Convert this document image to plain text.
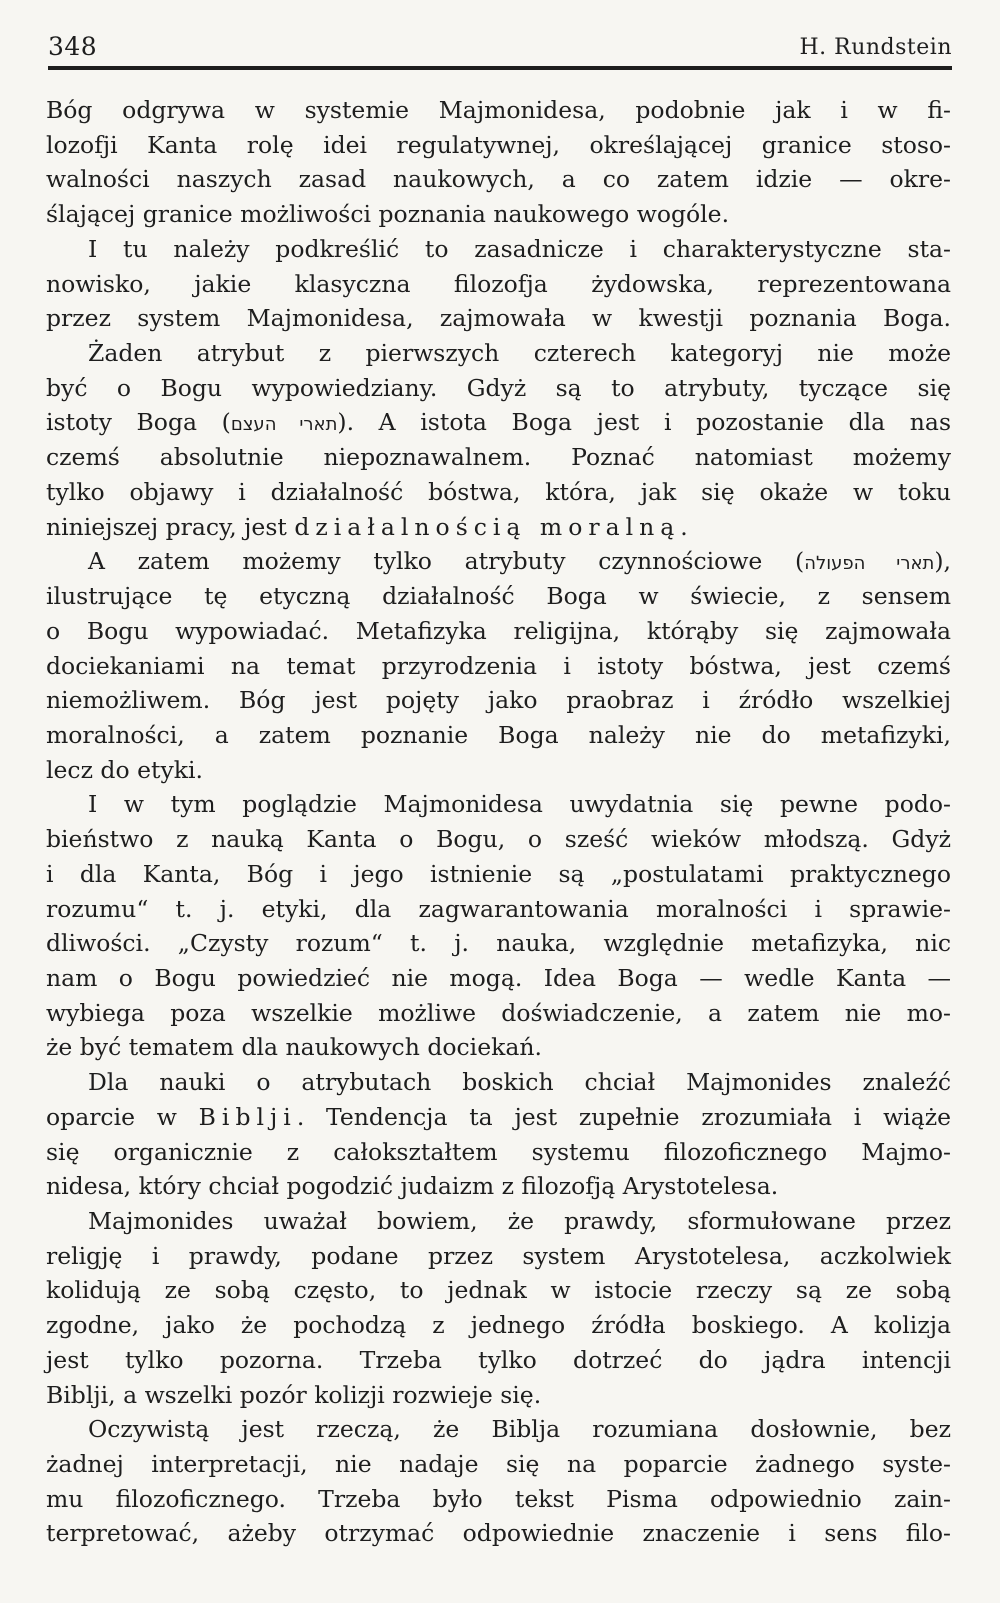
348	H. Rundstein
Bóg odgrywa w systemie Majmonidesa, podobnie jak i w fi-
lozofji Kanta rolę idei regulatywnej, określającej granice stoso-
walności naszych zasad naukowych, a co zatem idzie — okre-
ślającej granice możliwości poznania naukowego wogóle.
I tu należy podkreślić to zasadnicze i charakterystyczne sta-
nowisko, jakie klasyczna filozofja żydowska, reprezentowana
przez system Majmonidesa, zajmowała w kwestji poznania Boga.
Żaden atrybut z pierwszych czterech kategoryj nie może
być o Bogu wypowiedziany. Gdyż są to atrybuty, tyczące się
istoty Boga (תארי העצם). A istota Boga jest i pozostanie dla nas
czemś absolutnie niepoznawalnem. Poznać natomiast możemy
tylko objawy i działalność bóstwa, która, jak się okaże w toku
niniejszej pracy, jest działalnością moralną.
A zatem możemy tylko atrybuty czynnościowe (תארי הפעולה),
ilustrujące tę etyczną działalność Boga w świecie, z sensem
o Bogu wypowiadać. Metafizyka religijna, którąby się zajmowała
dociekaniami na temat przyrodzenia i istoty bóstwa, jest czemś
niemożliwem. Bóg jest pojęty jako praobraz i źródło wszelkiej
moralności, a zatem poznanie Boga należy nie do metafizyki,
lecz do etyki.
I w tym poglądzie Majmonidesa uwydatnia się pewne podo-
bieństwo z nauką Kanta o Bogu, o sześć wieków młodszą. Gdyż
i dla Kanta, Bóg i jego istnienie są „postulatami praktycznego
rozumu“ t. j. etyki, dla zagwarantowania moralności i sprawie-
dliwości. „Czysty rozum“ t. j. nauka, względnie metafizyka, nic
nam o Bogu powiedzieć nie mogą. Idea Boga — wedle Kanta —
wybiega poza wszelkie możliwe doświadczenie, a zatem nie mo-
że być tematem dla naukowych dociekań.
Dla nauki o atrybutach boskich chciał Majmonides znaleźć
oparcie w Biblji. Tendencja ta jest zupełnie zrozumiała i wiąże
się organicznie z całokształtem systemu filozoficznego Majmo-
nidesa, który chciał pogodzić judaizm z filozofją Arystotelesa.
Majmonides uważał bowiem, że prawdy, sformułowane przez
religję i prawdy, podane przez system Arystotelesa, aczkolwiek
kolidują ze sobą często, to jednak w istocie rzeczy są ze sobą
zgodne, jako że pochodzą z jednego źródła boskiego. A kolizja
jest tylko pozorna. Trzeba tylko dotrzeć do jądra intencji
Biblji, a wszelki pozór kolizji rozwieje się.
Oczywistą jest rzeczą, że Biblja rozumiana dosłownie, bez
żadnej interpretacji, nie nadaje się na poparcie żadnego syste-
mu filozoficznego. Trzeba było tekst Pisma odpowiednio zain-
terpretować, ażeby otrzymać odpowiednie znaczenie i sens filo-
